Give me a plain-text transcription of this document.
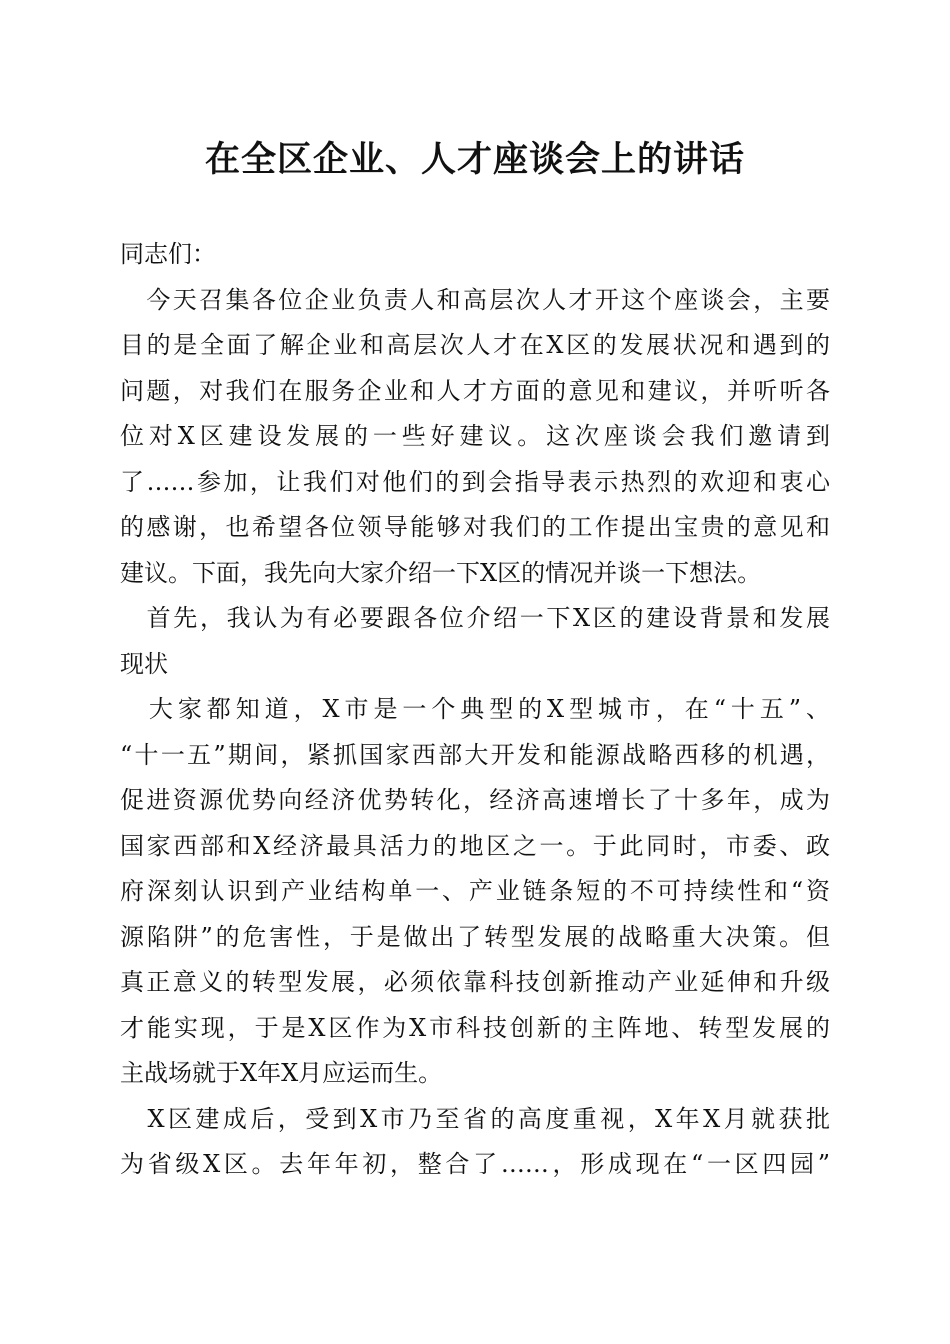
在全区企业、人才座谈会上的讲话
同志们：
　今天召集各位企业负责人和高层次人才开这个座谈会，主要
目的是全面了解企业和高层次人才在X区的发展状况和遇到的
问题，对我们在服务企业和人才方面的意见和建议，并听听各
位对X区建设发展的一些好建议。这次座谈会我们邀请到
了……参加，让我们对他们的到会指导表示热烈的欢迎和衷心
的感谢，也希望各位领导能够对我们的工作提出宝贵的意见和
建议。下面，我先向大家介绍一下X区的情况并谈一下想法。
　首先，我认为有必要跟各位介绍一下X区的建设背景和发展
现状
　大家都知道，X市是一个典型的X型城市，在“十五”、
“十一五”期间，紧抓国家西部大开发和能源战略西移的机遇，
促进资源优势向经济优势转化，经济高速增长了十多年，成为
国家西部和X经济最具活力的地区之一。于此同时，市委、政
府深刻认识到产业结构单一、产业链条短的不可持续性和“资
源陷阱”的危害性，于是做出了转型发展的战略重大决策。但
真正意义的转型发展，必须依靠科技创新推动产业延伸和升级
才能实现，于是X区作为X市科技创新的主阵地、转型发展的
主战场就于X年X月应运而生。
　X区建成后，受到X市乃至省的高度重视，X年X月就获批
为省级X区。去年年初，整合了……，形成现在“一区四园”
